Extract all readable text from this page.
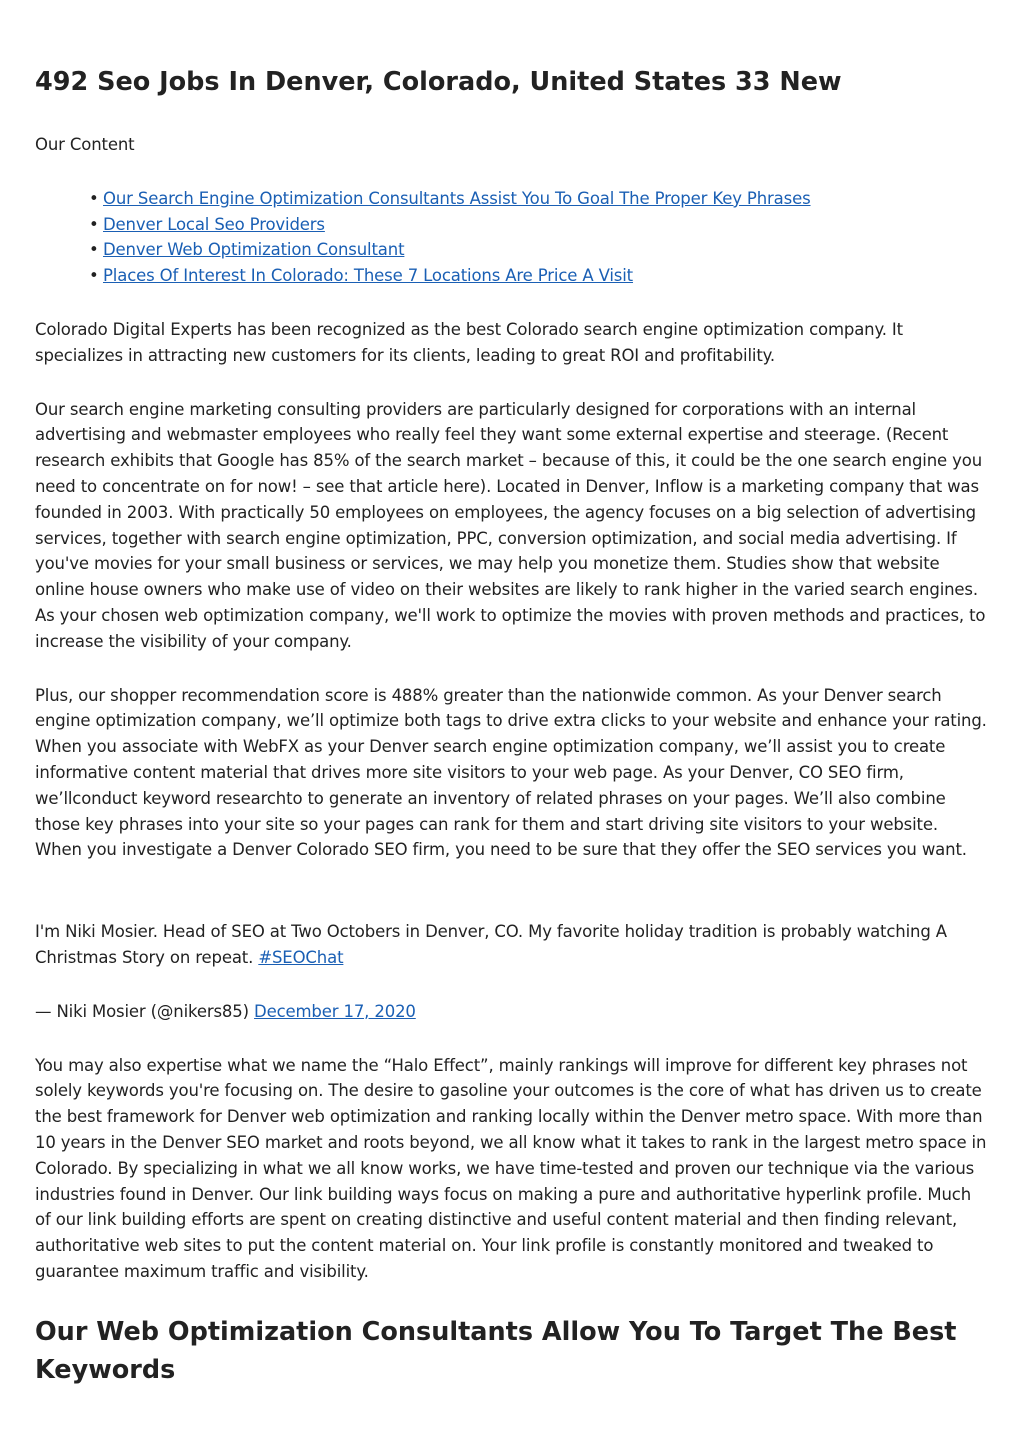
492 Seo Jobs In Denver, Colorado, United States 33 New

Our Content

• Our Search Engine Optimization Consultants Assist You To Goal The Proper Key Phrases
• Denver Local Seo Providers
• Denver Web Optimization Consultant
• Places Of Interest In Colorado: These 7 Locations Are Price A Visit

Colorado Digital Experts has been recognized as the best Colorado search engine optimization company. It specializes in attracting new customers for its clients, leading to great ROI and profitability.

Our search engine marketing consulting providers are particularly designed for corporations with an internal advertising and webmaster employees who really feel they want some external expertise and steerage. (Recent research exhibits that Google has 85% of the search market – because of this, it could be the one search engine you need to concentrate on for now! – see that article here). Located in Denver, Inflow is a marketing company that was founded in 2003. With practically 50 employees on employees, the agency focuses on a big selection of advertising services, together with search engine optimization, PPC, conversion optimization, and social media advertising. If you've movies for your small business or services, we may help you monetize them. Studies show that website online house owners who make use of video on their websites are likely to rank higher in the varied search engines. As your chosen web optimization company, we'll work to optimize the movies with proven methods and practices, to increase the visibility of your company.

Plus, our shopper recommendation score is 488% greater than the nationwide common. As your Denver search engine optimization company, we’ll optimize both tags to drive extra clicks to your website and enhance your rating. When you associate with WebFX as your Denver search engine optimization company, we’ll assist you to create informative content material that drives more site visitors to your web page. As your Denver, CO SEO firm, we’llconduct keyword researchto to generate an inventory of related phrases on your pages. We’ll also combine those key phrases into your site so your pages can rank for them and start driving site visitors to your website. When you investigate a Denver Colorado SEO firm, you need to be sure that they offer the SEO services you want.

I'm Niki Mosier. Head of SEO at Two Octobers in Denver, CO. My favorite holiday tradition is probably watching A Christmas Story on repeat. #SEOChat

— Niki Mosier (@nikers85) December 17, 2020

You may also expertise what we name the “Halo Effect”, mainly rankings will improve for different key phrases not solely keywords you're focusing on. The desire to gasoline your outcomes is the core of what has driven us to create the best framework for Denver web optimization and ranking locally within the Denver metro space. With more than 10 years in the Denver SEO market and roots beyond, we all know what it takes to rank in the largest metro space in Colorado. By specializing in what we all know works, we have time-tested and proven our technique via the various industries found in Denver. Our link building ways focus on making a pure and authoritative hyperlink profile. Much of our link building efforts are spent on creating distinctive and useful content material and then finding relevant, authoritative web sites to put the content material on. Your link profile is constantly monitored and tweaked to guarantee maximum traffic and visibility.

Our Web Optimization Consultants Allow You To Target The Best Keywords
